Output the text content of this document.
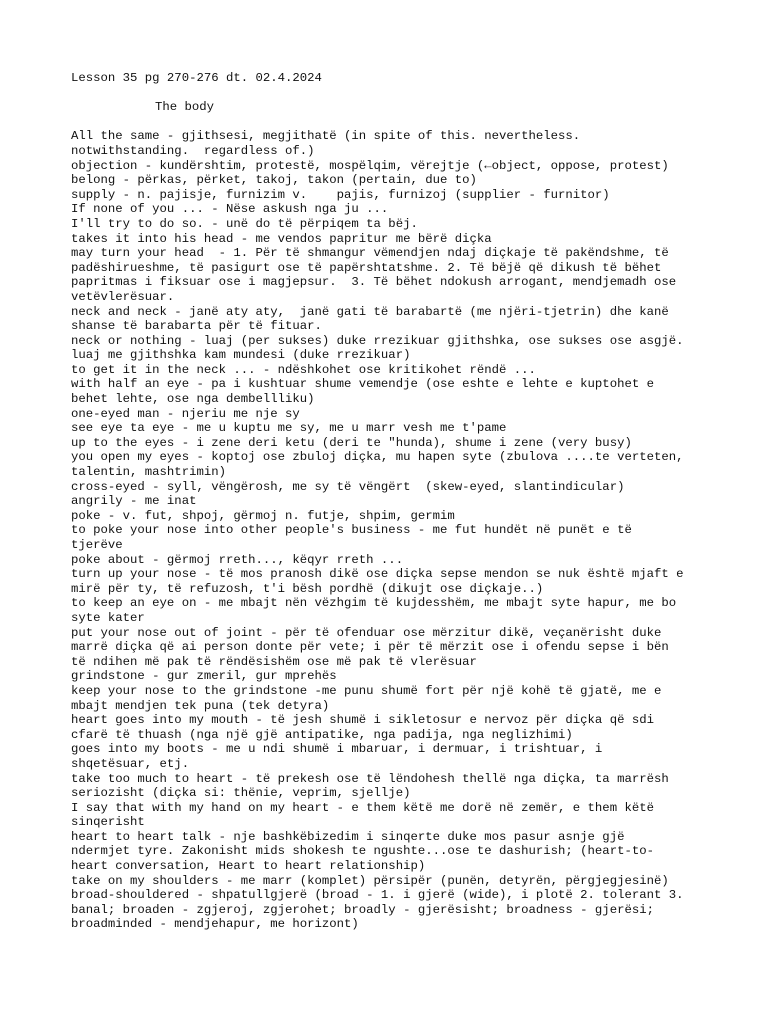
Lesson 35 pg 270-276 dt. 02.4.2024

The body

All the same - gjithsesi, megjithatë (in spite of this. nevertheless.
notwithstanding.  regardless of.)

objection - kundërshtim, protestë, mospëlqim, vërejtje (←object, oppose, protest)

belong - përkas, përket, takoj, takon (pertain, due to)

supply - n. pajisje, furnizim v.    pajis, furnizoj (supplier - furnitor)

If none of you ... - Nëse askush nga ju ...

I'll try to do so. - unë do të përpiqem ta bëj.

takes it into his head - me vendos papritur me bërë diçka

may turn your head  - 1. Për të shmangur vëmendjen ndaj diçkaje të pakëndshme, të
padëshirueshme, të pasigurt ose të papërshtatshme. 2. Të bëjë që dikush të bëhet
papritmas i fiksuar ose i magjepsur.  3. Të bëhet ndokush arrogant, mendjemadh ose
vetëvlerësuar.

neck and neck - janë aty aty,  janë gati të barabartë (me njëri-tjetrin) dhe kanë
shanse të barabarta për të fituar.

neck or nothing - luaj (per sukses) duke rrezikuar gjithshka, ose sukses ose asgjë.
luaj me gjithshka kam mundesi (duke rrezikuar)

to get it in the neck ... - ndëshkohet ose kritikohet rëndë ...

with half an eye - pa i kushtuar shume vemendje (ose eshte e lehte e kuptohet e
behet lehte, ose nga dembellliku)

one-eyed man - njeriu me nje sy

see eye ta eye - me u kuptu me sy, me u marr vesh me t'pame

up to the eyes - i zene deri ketu (deri te "hunda), shume i zene (very busy)

you open my eyes - koptoj ose zbuloj diçka, mu hapen syte (zbulova ....te verteten,
talentin, mashtrimin)

cross-eyed - syll, vëngërosh, me sy të vëngërt  (skew-eyed, slantindicular)

angrily - me inat

poke - v. fut, shpoj, gërmoj n. futje, shpim, germim

to poke your nose into other people's business - me fut hundët në punët e të
tjerëve

poke about - gërmoj rreth..., këqyr rreth ...

turn up your nose - të mos pranosh dikë ose diçka sepse mendon se nuk është mjaft e
mirë për ty, të refuzosh, t'i bësh pordhë (dikujt ose diçkaje..)

to keep an eye on - me mbajt nën vëzhgim të kujdesshëm, me mbajt syte hapur, me bo
syte kater

put your nose out of joint - për të ofenduar ose mërzitur dikë, veçanërisht duke
marrë diçka që ai person donte për vete; i për të mërzit ose i ofendu sepse i bën
të ndihen më pak të rëndësishëm ose më pak të vlerësuar

grindstone - gur zmeril, gur mprehës

keep your nose to the grindstone -me punu shumë fort për një kohë të gjatë, me e
mbajt mendjen tek puna (tek detyra)

heart goes into my mouth - të jesh shumë i sikletosur e nervoz për diçka që sdi
cfarë të thuash (nga një gjë antipatike, nga padija, nga neglizhimi)

goes into my boots - me u ndi shumë i mbaruar, i dermuar, i trishtuar, i
shqetësuar, etj.

take too much to heart - të prekesh ose të lëndohesh thellë nga diçka, ta marrësh
seriozisht (diçka si: thënie, veprim, sjellje)

I say that with my hand on my heart - e them këtë me dorë në zemër, e them këtë
sinqerisht

heart to heart talk - nje bashkëbizedim i sinqerte duke mos pasur asnje gjë
ndermjet tyre. Zakonisht mids shokesh te ngushte...ose te dashurish; (heart-to-
heart conversation, Heart to heart relationship)

take on my shoulders - me marr (komplet) përsipër (punën, detyrën, përgjegjesinë)

broad-shouldered - shpatullgjerë (broad - 1. i gjerë (wide), i plotë 2. tolerant 3.
banal; broaden - zgjeroj, zgjerohet; broadly - gjerësisht; broadness - gjerësi;
broadminded - mendjehapur, me horizont)
